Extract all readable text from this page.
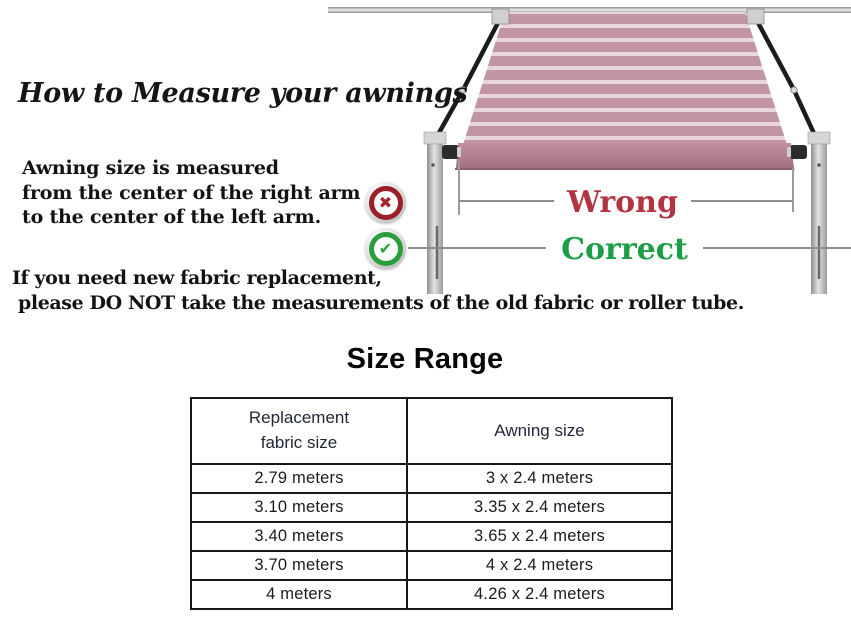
How to Measure your awnings
Awning size is measured
from the center of the right arm
to the center of the left arm.
✖
✔
Wrong
Correct
If you need new fabric replacement,
please DO NOT take the measurements of the old fabric or roller tube.
Size Range
Replacement fabric size	Awning size
2.79 meters	3 x 2.4 meters
3.10 meters	3.35 x 2.4 meters
3.40 meters	3.65 x 2.4 meters
3.70 meters	4 x 2.4 meters
4 meters	4.26 x 2.4 meters
